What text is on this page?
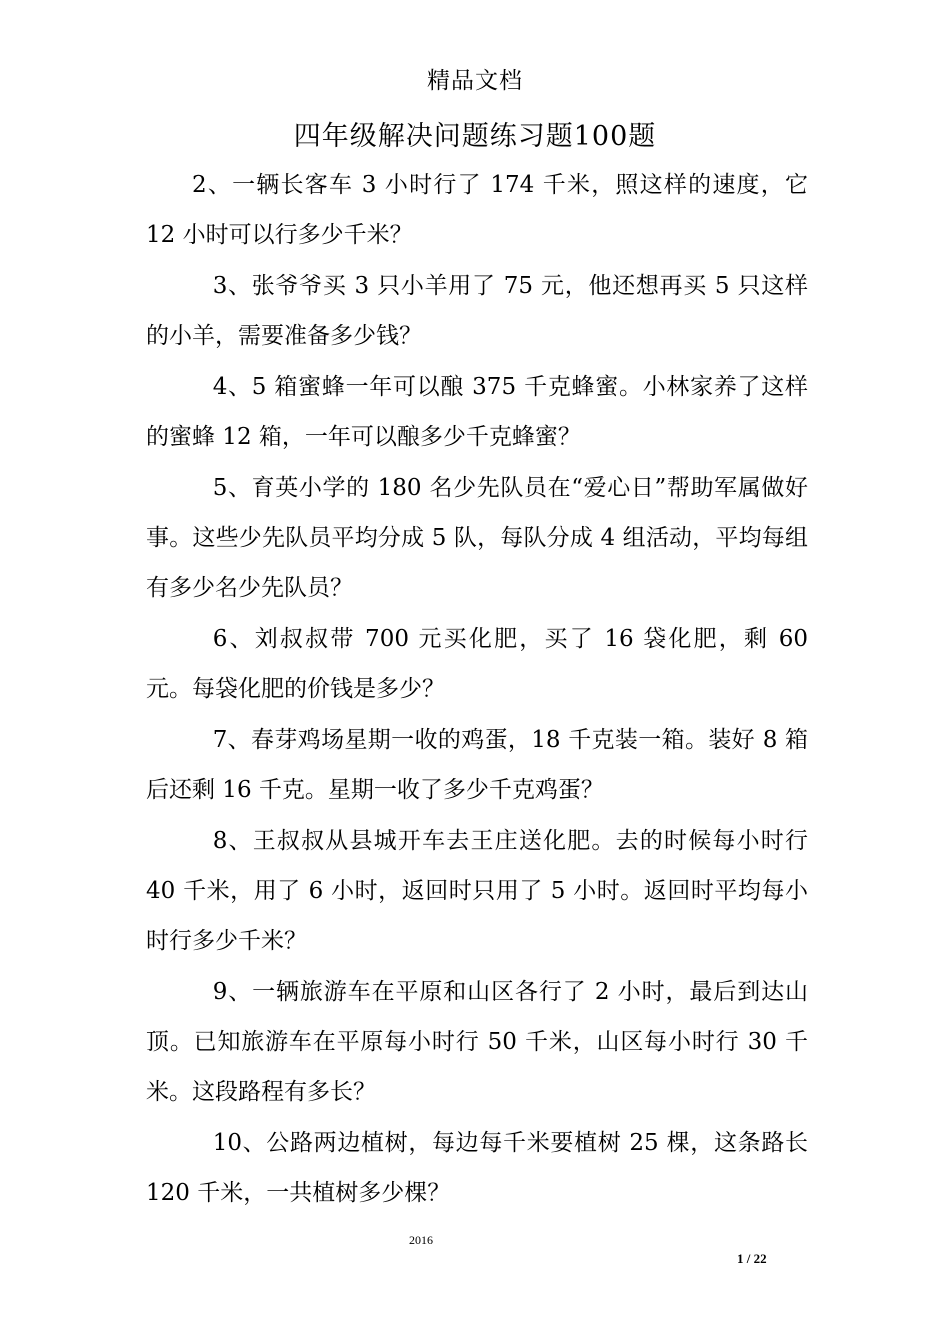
精品文档
四年级解决问题练习题100题

2、一辆长客车 3 小时行了 174 千米，照这样的速度，它 12 小时可以行多少千米？

3、张爷爷买 3 只小羊用了 75 元，他还想再买 5 只这样的小羊，需要准备多少钱？

4、5 箱蜜蜂一年可以酿 375 千克蜂蜜。小林家养了这样的蜜蜂 12 箱，一年可以酿多少千克蜂蜜？

5、育英小学的 180 名少先队员在“爱心日”帮助军属做好事。这些少先队员平均分成 5 队，每队分成 4 组活动，平均每组有多少名少先队员？

6、刘叔叔带 700 元买化肥，买了 16 袋化肥，剩 60 元。每袋化肥的价钱是多少？

7、春芽鸡场星期一收的鸡蛋，18 千克装一箱。装好 8 箱后还剩 16 千克。星期一收了多少千克鸡蛋？

8、王叔叔从县城开车去王庄送化肥。去的时候每小时行 40 千米，用了 6 小时，返回时只用了 5 小时。返回时平均每小时行多少千米？

9、一辆旅游车在平原和山区各行了 2 小时，最后到达山顶。已知旅游车在平原每小时行 50 千米，山区每小时行 30 千米。这段路程有多长？

10、公路两边植树，每边每千米要植树 25 棵，这条路长 120 千米，一共植树多少棵？

2016
1 / 22
